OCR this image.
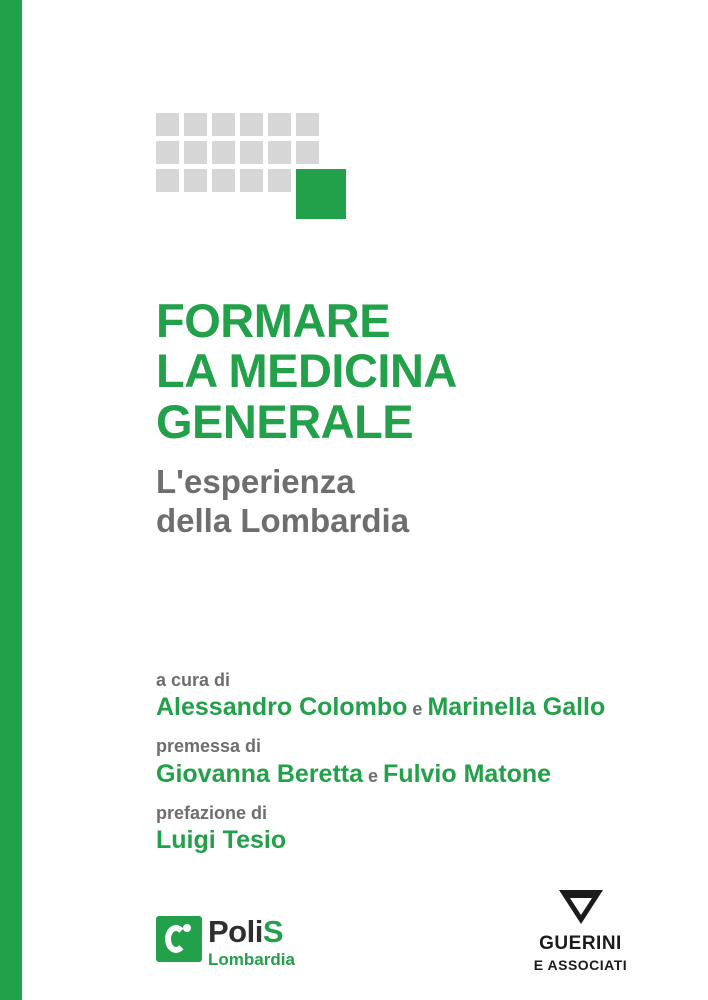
FORMARE
LA MEDICINA
GENERALE

L'esperienza
della Lombardia

a cura di

Alessandro Colombo e Marinella Gallo

premessa di

Giovanna Beretta e Fulvio Matone

prefazione di

Luigi Tesio

PoliS
Lombardia
GUERINI
E ASSOCIATI
